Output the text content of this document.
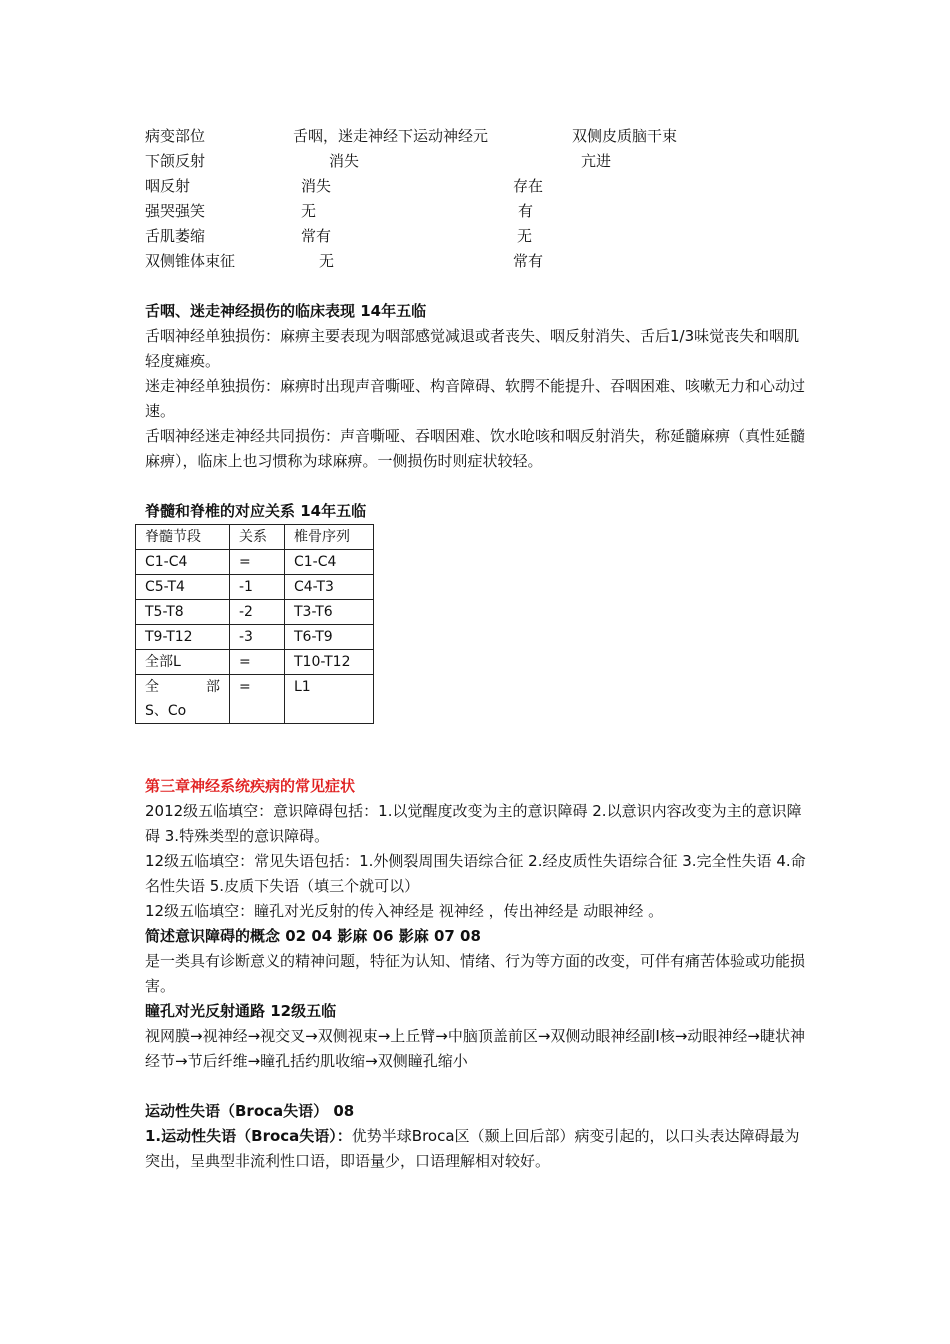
病变部位	舌咽，迷走神经下运动神经元	双侧皮质脑干束
下颌反射	消失	亢进
咽反射	消失	存在
强哭强笑	无	有
舌肌萎缩	常有	无
双侧锥体束征	无	常有

舌咽、迷走神经损伤的临床表现 14年五临

舌咽神经单独损伤：麻痹主要表现为咽部感觉减退或者丧失、咽反射消失、舌后1/3味觉丧失和咽肌轻度瘫痪。

迷走神经单独损伤：麻痹时出现声音嘶哑、构音障碍、软腭不能提升、吞咽困难、咳嗽无力和心动过速。

舌咽神经迷走神经共同损伤：声音嘶哑、吞咽困难、饮水呛咳和咽反射消失，称延髓麻痹（真性延髓麻痹），临床上也习惯称为球麻痹。一侧损伤时则症状较轻。

脊髓和脊椎的对应关系 14年五临

脊髓节段	关系	椎骨序列
C1-C4	=	C1-C4
C5-T4	-1	C4-T3
T5-T8	-2	T3-T6
T9-T12	-3	T6-T9
全部L	=	T10-T12

全 部
S、Co	=	L1

第三章神经系统疾病的常见症状

2012级五临填空：意识障碍包括：1.以觉醒度改变为主的意识障碍 2.以意识内容改变为主的意识障碍 3.特殊类型的意识障碍。

12级五临填空：常见失语包括：1.外侧裂周围失语综合征 2.经皮质性失语综合征 3.完全性失语 4.命名性失语 5.皮质下失语（填三个就可以）

12级五临填空：瞳孔对光反射的传入神经是 视神经 ，传出神经是 动眼神经 。

简述意识障碍的概念 02 04 影麻 06 影麻 07 08

是一类具有诊断意义的精神问题，特征为认知、情绪、行为等方面的改变，可伴有痛苦体验或功能损害。

瞳孔对光反射通路 12级五临

视网膜→视神经→视交叉→双侧视束→上丘臂→中脑顶盖前区→双侧动眼神经副Ⅰ核→动眼神经→睫状神经节→节后纤维→瞳孔括约肌收缩→双侧瞳孔缩小

运动性失语（Broca失语） 08

1.运动性失语（Broca失语）：优势半球Broca区（颞上回后部）病变引起的，以口头表达障碍最为突出，呈典型非流利性口语，即语量少，口语理解相对较好。
